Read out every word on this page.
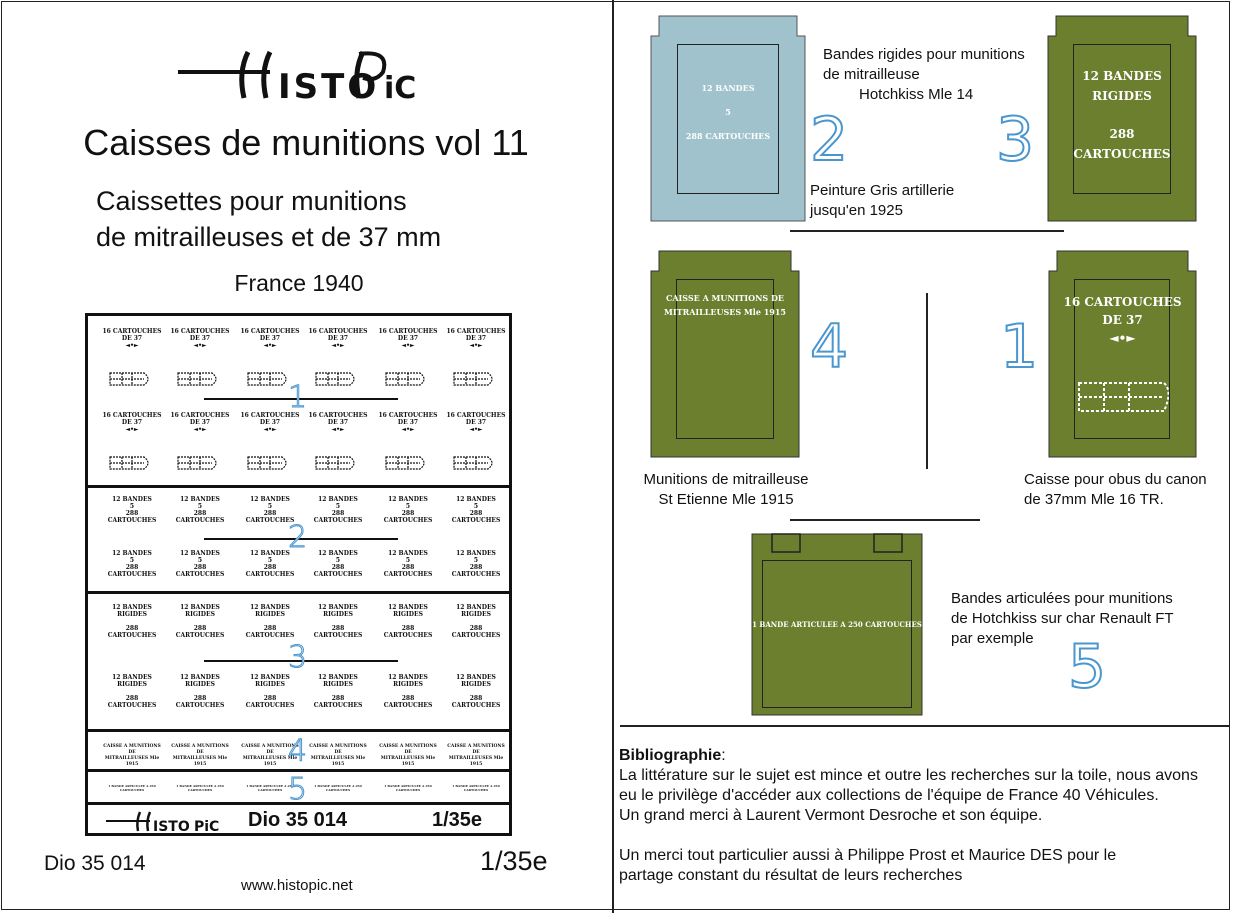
ISTO iC
Caisses de munitions vol 11
Caissettes pour munitions
de mitrailleuses et de 37 mm
France 1940
16 CARTOUCHES
DE 37
◄•►
16 CARTOUCHES
DE 37
◄•►
16 CARTOUCHES
DE 37
◄•►
16 CARTOUCHES
DE 37
◄•►
16 CARTOUCHES
DE 37
◄•►
16 CARTOUCHES
DE 37
◄•►
1
16 CARTOUCHES
DE 37
◄•►
16 CARTOUCHES
DE 37
◄•►
16 CARTOUCHES
DE 37
◄•►
16 CARTOUCHES
DE 37
◄•►
16 CARTOUCHES
DE 37
◄•►
16 CARTOUCHES
DE 37
◄•►
12 BANDES
5
288 CARTOUCHES
12 BANDES
5
288 CARTOUCHES
12 BANDES
5
288 CARTOUCHES
12 BANDES
5
288 CARTOUCHES
12 BANDES
5
288 CARTOUCHES
12 BANDES
5
288 CARTOUCHES
2
12 BANDES
5
288 CARTOUCHES
12 BANDES
5
288 CARTOUCHES
12 BANDES
5
288 CARTOUCHES
12 BANDES
5
288 CARTOUCHES
12 BANDES
5
288 CARTOUCHES
12 BANDES
5
288 CARTOUCHES
12 BANDES
RIGIDES

288
CARTOUCHES
12 BANDES
RIGIDES

288
CARTOUCHES
12 BANDES
RIGIDES

288
CARTOUCHES
12 BANDES
RIGIDES

288
CARTOUCHES
12 BANDES
RIGIDES

288
CARTOUCHES
12 BANDES
RIGIDES

288
CARTOUCHES
3
12 BANDES
RIGIDES

288
CARTOUCHES
12 BANDES
RIGIDES

288
CARTOUCHES
12 BANDES
RIGIDES

288
CARTOUCHES
12 BANDES
RIGIDES

288
CARTOUCHES
12 BANDES
RIGIDES

288
CARTOUCHES
12 BANDES
RIGIDES

288
CARTOUCHES
CAISSE A MUNITIONS DE
MITRAILLEUSES Mle 1915
CAISSE A MUNITIONS DE
MITRAILLEUSES Mle 1915
CAISSE A MUNITIONS DE
MITRAILLEUSES Mle 1915
CAISSE A MUNITIONS DE
MITRAILLEUSES Mle 1915
CAISSE A MUNITIONS DE
MITRAILLEUSES Mle 1915
CAISSE A MUNITIONS DE
MITRAILLEUSES Mle 1915
4
1 BANDE ARTICULEE A 250 CARTOUCHES
1 BANDE ARTICULEE A 250 CARTOUCHES
1 BANDE ARTICULEE A 250 CARTOUCHES
1 BANDE ARTICULEE A 250 CARTOUCHES
1 BANDE ARTICULEE A 250 CARTOUCHES
1 BANDE ARTICULEE A 250 CARTOUCHES
5
ISTO PiC Dio 35 014	1/35e
Dio 35 014	1/35e
www.histopic.net
12 BANDES
5
288 CARTOUCHES
Bandes rigides pour munitions
de mitrailleuse
Hotchkiss Mle 14
2
Peinture Gris artillerie
jusqu'en 1925
12 BANDES
RIGIDES
288
CARTOUCHES
3
CAISSE A MUNITIONS DE
MITRAILLEUSES Mle 1915 4
Munitions de mitrailleuse
St Etienne Mle 1915
16 CARTOUCHES
DE 37
◄•►
1
Caisse pour obus du canon
de 37mm Mle 16 TR.
1 BANDE ARTICULEE A 250 CARTOUCHES
Bandes articulées pour munitions
de Hotchkiss sur char Renault FT
par exemple 5
Bibliographie:
La littérature sur le sujet est mince et outre les recherches sur la toile, nous avons
eu le privilège d'accéder aux collections de l'équipe de France 40 Véhicules.
Un grand merci à Laurent Vermont Desroche et son équipe.
Un merci tout particulier aussi à Philippe Prost et Maurice DES pour le
partage constant du résultat de leurs recherches
